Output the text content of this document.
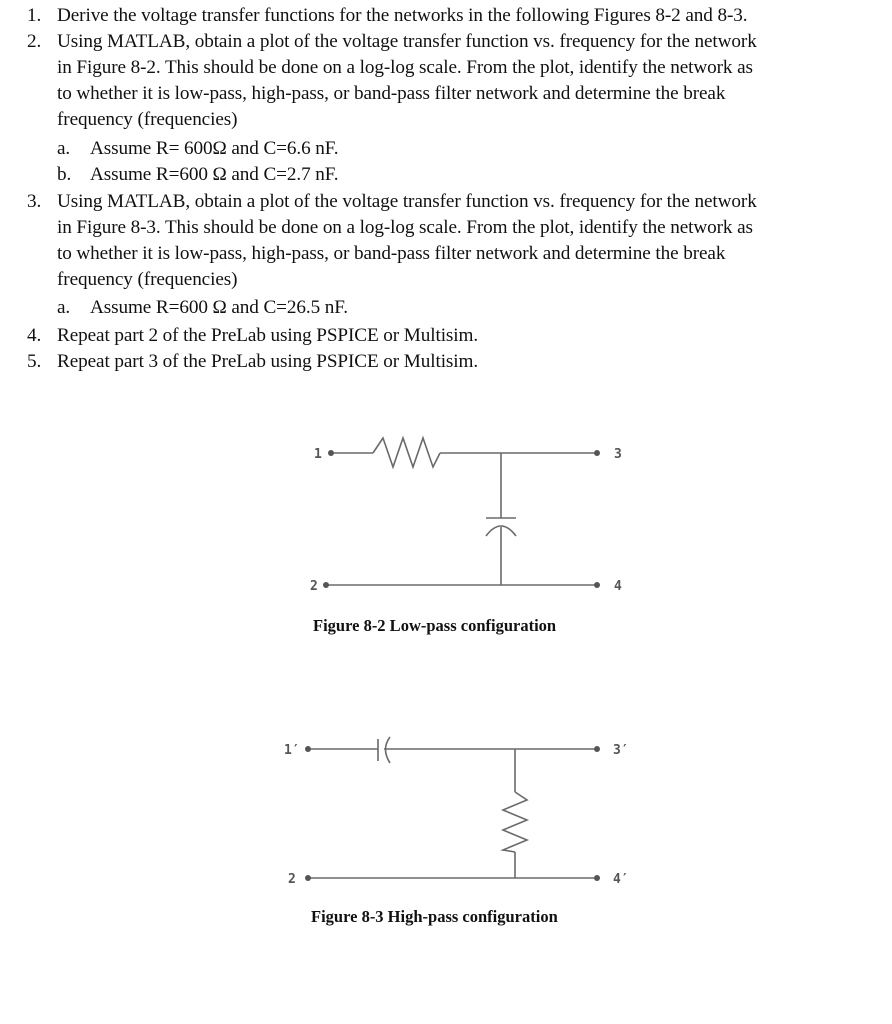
1. Derive the voltage transfer functions for the networks in the following Figures 8-2 and 8-3.
2. Using MATLAB, obtain a plot of the voltage transfer function vs. frequency for the network
in Figure 8-2. This should be done on a log-log scale. From the plot, identify the network as
to whether it is low-pass, high-pass, or band-pass filter network and determine the break
frequency (frequencies)
a. Assume R= 600Ω and C=6.6 nF.
b. Assume R=600 Ω and C=2.7 nF.
3. Using MATLAB, obtain a plot of the voltage transfer function vs. frequency for the network
in Figure 8-3. This should be done on a log-log scale. From the plot, identify the network as
to whether it is low-pass, high-pass, or band-pass filter network and determine the break
frequency (frequencies)
a. Assume R=600 Ω and C=26.5 nF.
4. Repeat part 2 of the PreLab using PSPICE or Multisim.
5. Repeat part 3 of the PreLab using PSPICE or Multisim.
1
2
3
4
Figure 8-2 Low-pass configuration
1′
2
3′
4′
Figure 8-3 High-pass configuration
